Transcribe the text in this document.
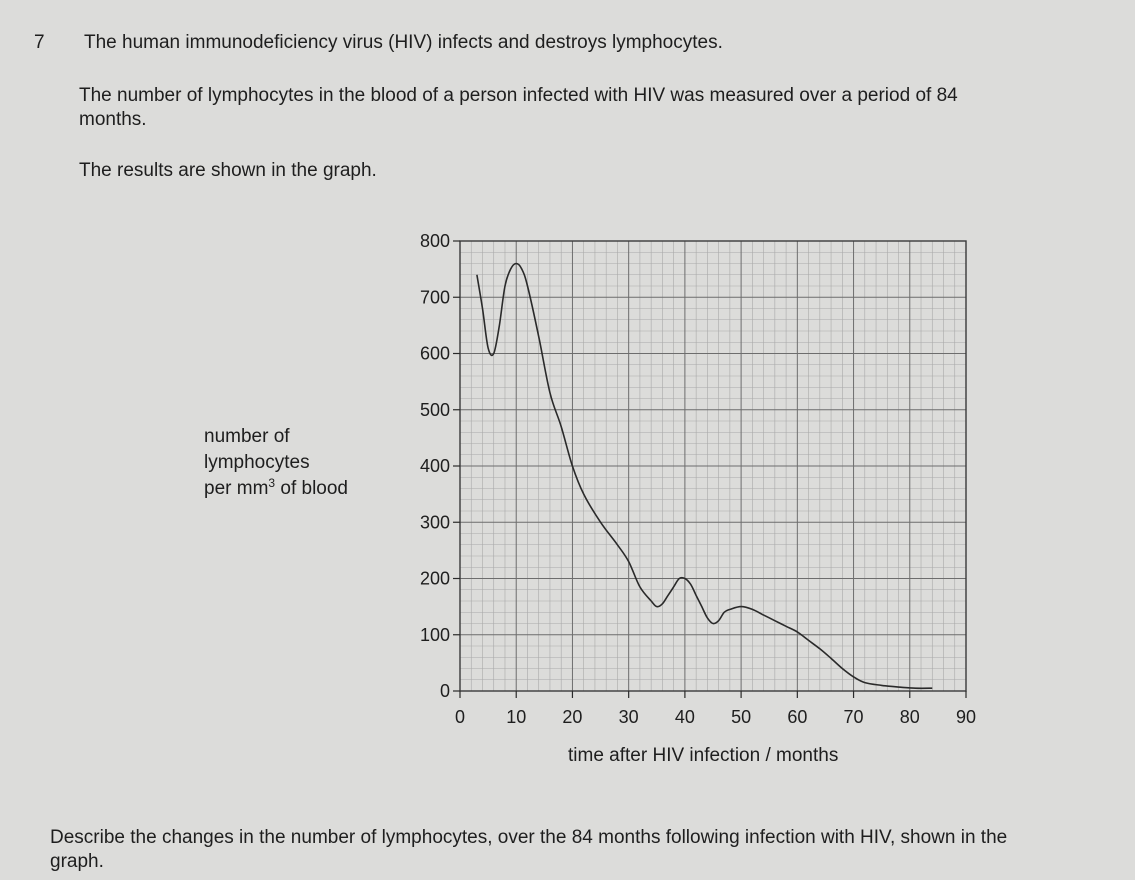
7 The human immunodeficiency virus (HIV) infects and destroys lymphocytes.

The number of lymphocytes in the blood of a person infected with HIV was measured over a period of 84 months.

The results are shown in the graph.

number of
lymphocytes
per $mm^3$ of blood
0 10 20 30 40 50 60 70 80 90
0
100
200
300
400
500
600
700
800
time after HIV infection / months

Describe the changes in the number of lymphocytes, over the 84 months following infection with HIV, shown in the graph.
